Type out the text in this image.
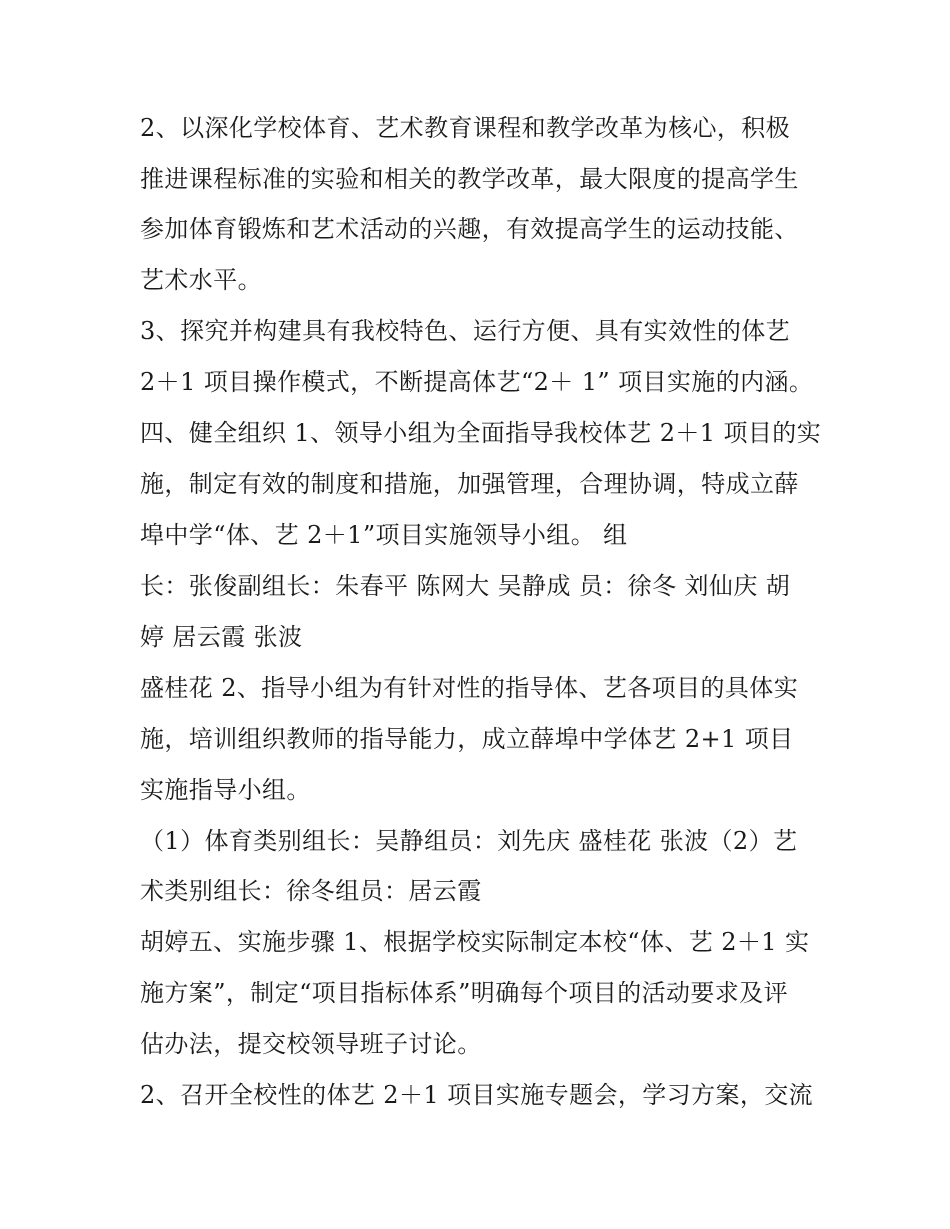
2、以深化学校体育、艺术教育课程和教学改革为核心，积极
推进课程标准的实验和相关的教学改革，最大限度的提高学生
参加体育锻炼和艺术活动的兴趣，有效提高学生的运动技能、
艺术水平。
3、探究并构建具有我校特色、运行方便、具有实效性的体艺
2＋1 项目操作模式，不断提高体艺“2＋ 1” 项目实施的内涵。
四、健全组织 1、领导小组为全面指导我校体艺 2＋1 项目的实
施，制定有效的制度和措施，加强管理，合理协调，特成立薛
埠中学“体、艺 2＋1”项目实施领导小组。 组
长：张俊副组长：朱春平 陈网大 吴静成 员：徐冬 刘仙庆 胡
婷 居云霞 张波
盛桂花 2、指导小组为有针对性的指导体、艺各项目的具体实
施，培训组织教师的指导能力，成立薛埠中学体艺 2+1 项目
实施指导小组。
（1）体育类别组长：吴静组员：刘先庆 盛桂花 张波（2）艺
术类别组长：徐冬组员：居云霞
胡婷五、实施步骤 1、根据学校实际制定本校“体、艺 2＋1 实
施方案”，制定“项目指标体系”明确每个项目的活动要求及评
估办法，提交校领导班子讨论。
2、召开全校性的体艺 2＋1 项目实施专题会，学习方案，交流
